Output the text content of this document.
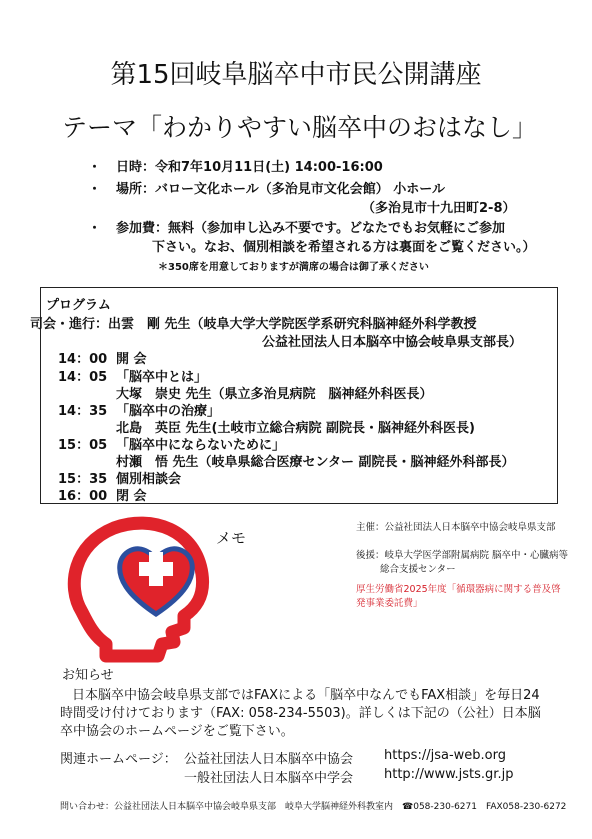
第15回岐阜脳卒中市民公開講座
テーマ「わかりやすい脳卒中のおはなし」
・ 日時：令和7年10月11日(土) 14:00-16:00
・ 場所：バロー文化ホール（多治見市文化会館） 小ホール
（多治見市十九田町2-8）
・ 参加費：無料（参加申し込み不要です。どなたでもお気軽にご参加
下さい。なお、個別相談を希望される方は裏面をご覧ください。）
＊350席を用意しておりますが満席の場合は御了承ください
プログラム
司会・進行：出雲　剛 先生（岐阜大学大学院医学系研究科脳神経外科学教授
公益社団法人日本脳卒中協会岐阜県支部長）
14：00 開 会
14：05 「脳卒中とは」
大塚　崇史 先生（県立多治見病院　脳神経外科医長）
14：35 「脳卒中の治療」
北島　英臣 先生(土岐市立総合病院 副院長・脳神経外科医長)
15：05 「脳卒中にならないために」
村瀬　悟 先生（岐阜県総合医療センター 副院長・脳神経外科部長）
15：35 個別相談会
16：00 閉 会
メモ
主催：公益社団法人日本脳卒中協会岐阜県支部
後援：岐阜大学医学部附属病院 脳卒中・心臓病等
総合支援センター
厚生労働省2025年度「循環器病に関する普及啓
発事業委託費」
お知らせ
日本脳卒中協会岐阜県支部ではFAXによる「脳卒中なんでもFAX相談」を毎日24
時間受け付けております（FAX: 058-234-5503)。詳しくは下記の（公社）日本脳
卒中協会のホームページをご覧下さい。
関連ホームページ： 公益社団法人日本脳卒中協会 https://jsa-web.org
一般社団法人日本脳卒中学会 http://www.jsts.gr.jp
問い合わせ：公益社団法人日本脳卒中協会岐阜県支部　岐阜大学脳神経外科教室内　☎058-230-6271　FAX058-230-6272
